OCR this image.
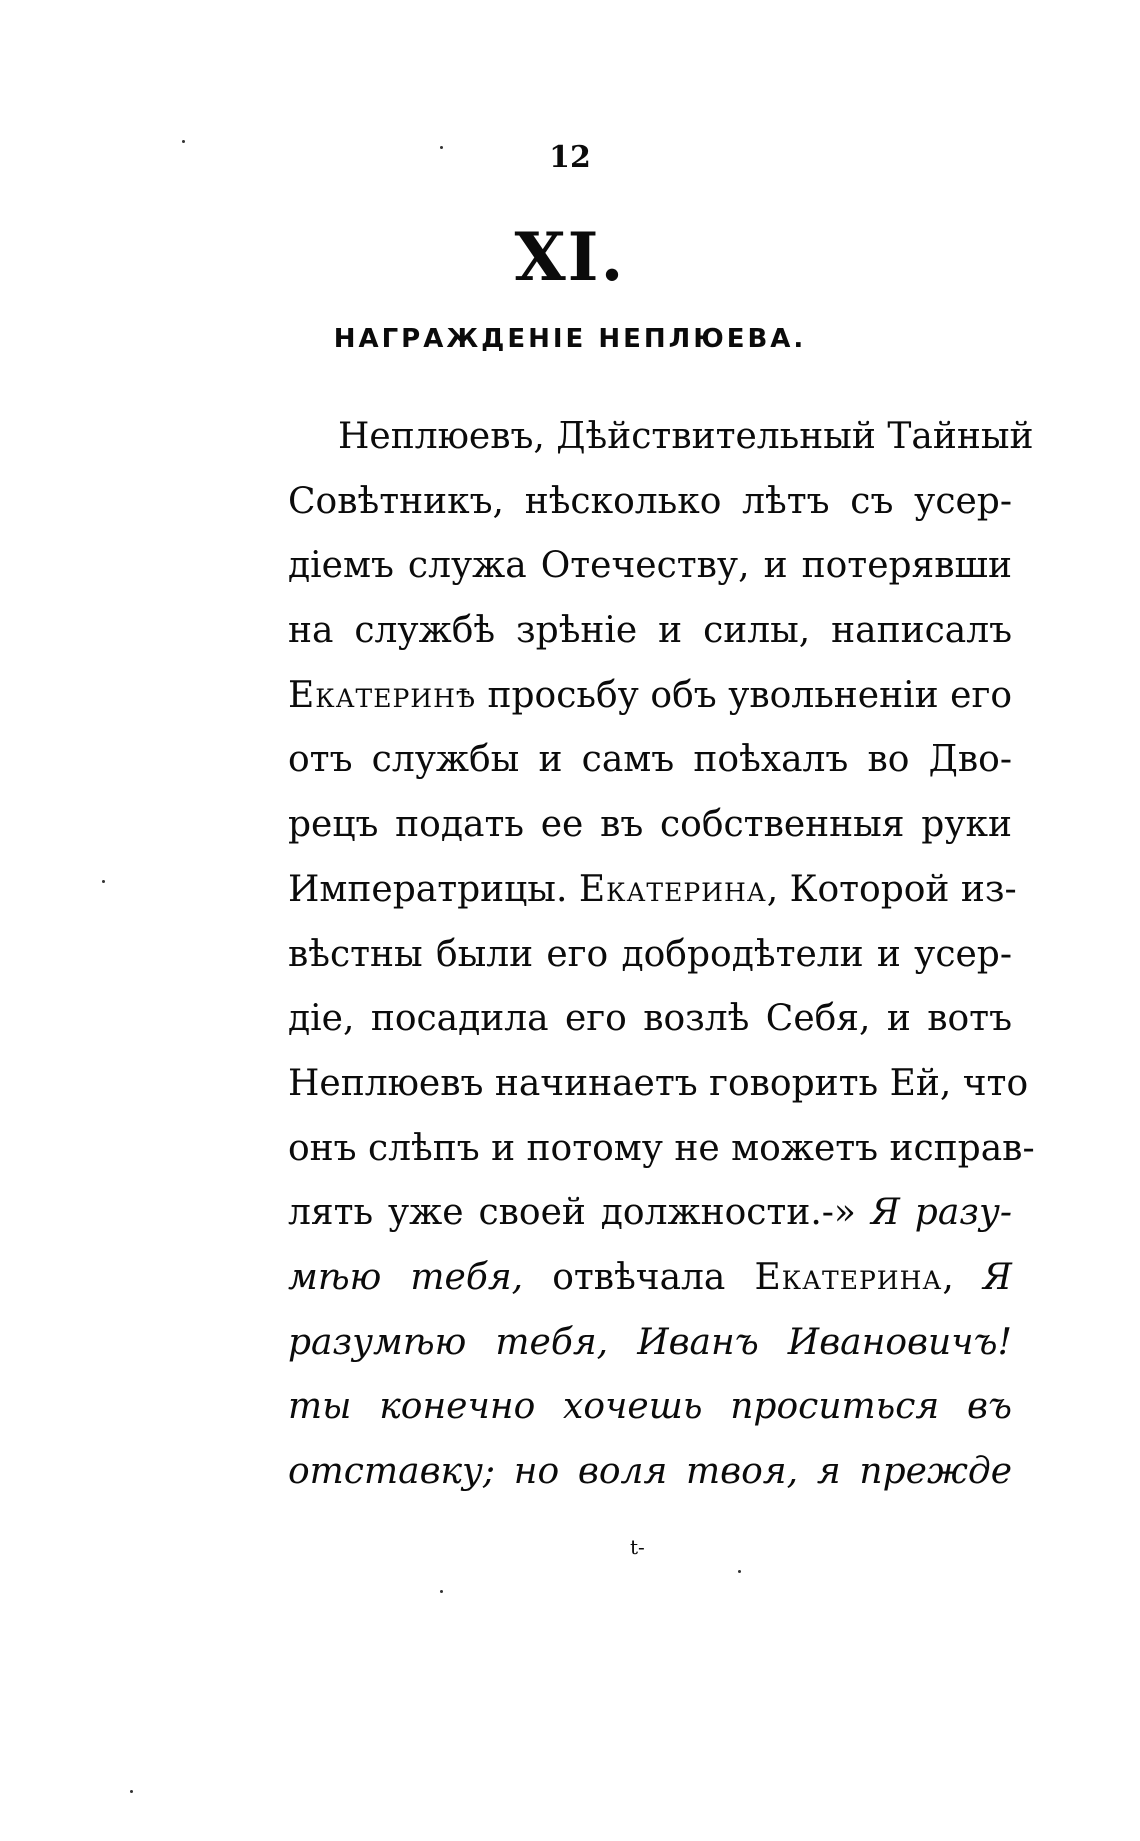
12
XI.
НАГРАЖДЕНІЕ НЕПЛЮЕВА.
Неплюевъ, Дѣйствительный Тайный
Совѣтникъ, нѣсколько лѣтъ съ усер-
діемъ служа Отечеству, и потерявши
на службѣ зрѣніе и силы, написалъ
Екатеринѣ просьбу объ увольненіи его
отъ службы и самъ поѣхалъ во Дво-
рецъ подать ее въ собственныя руки
Императрицы. Екатерина, Которой из-
вѣстны были его добродѣтели и усер-
діе, посадила его возлѣ Себя, и вотъ
Неплюевъ начинаетъ говорить Ей, что
онъ слѣпъ и потому не можетъ исправ-
лять уже своей должности.-» Я разу-
мѣю тебя, отвѣчала Екатерина, Я
разумѣю тебя, Иванъ Ивановичъ!
ты конечно хочешь проситься въ
отставку; но воля твоя, я прежде
t-
